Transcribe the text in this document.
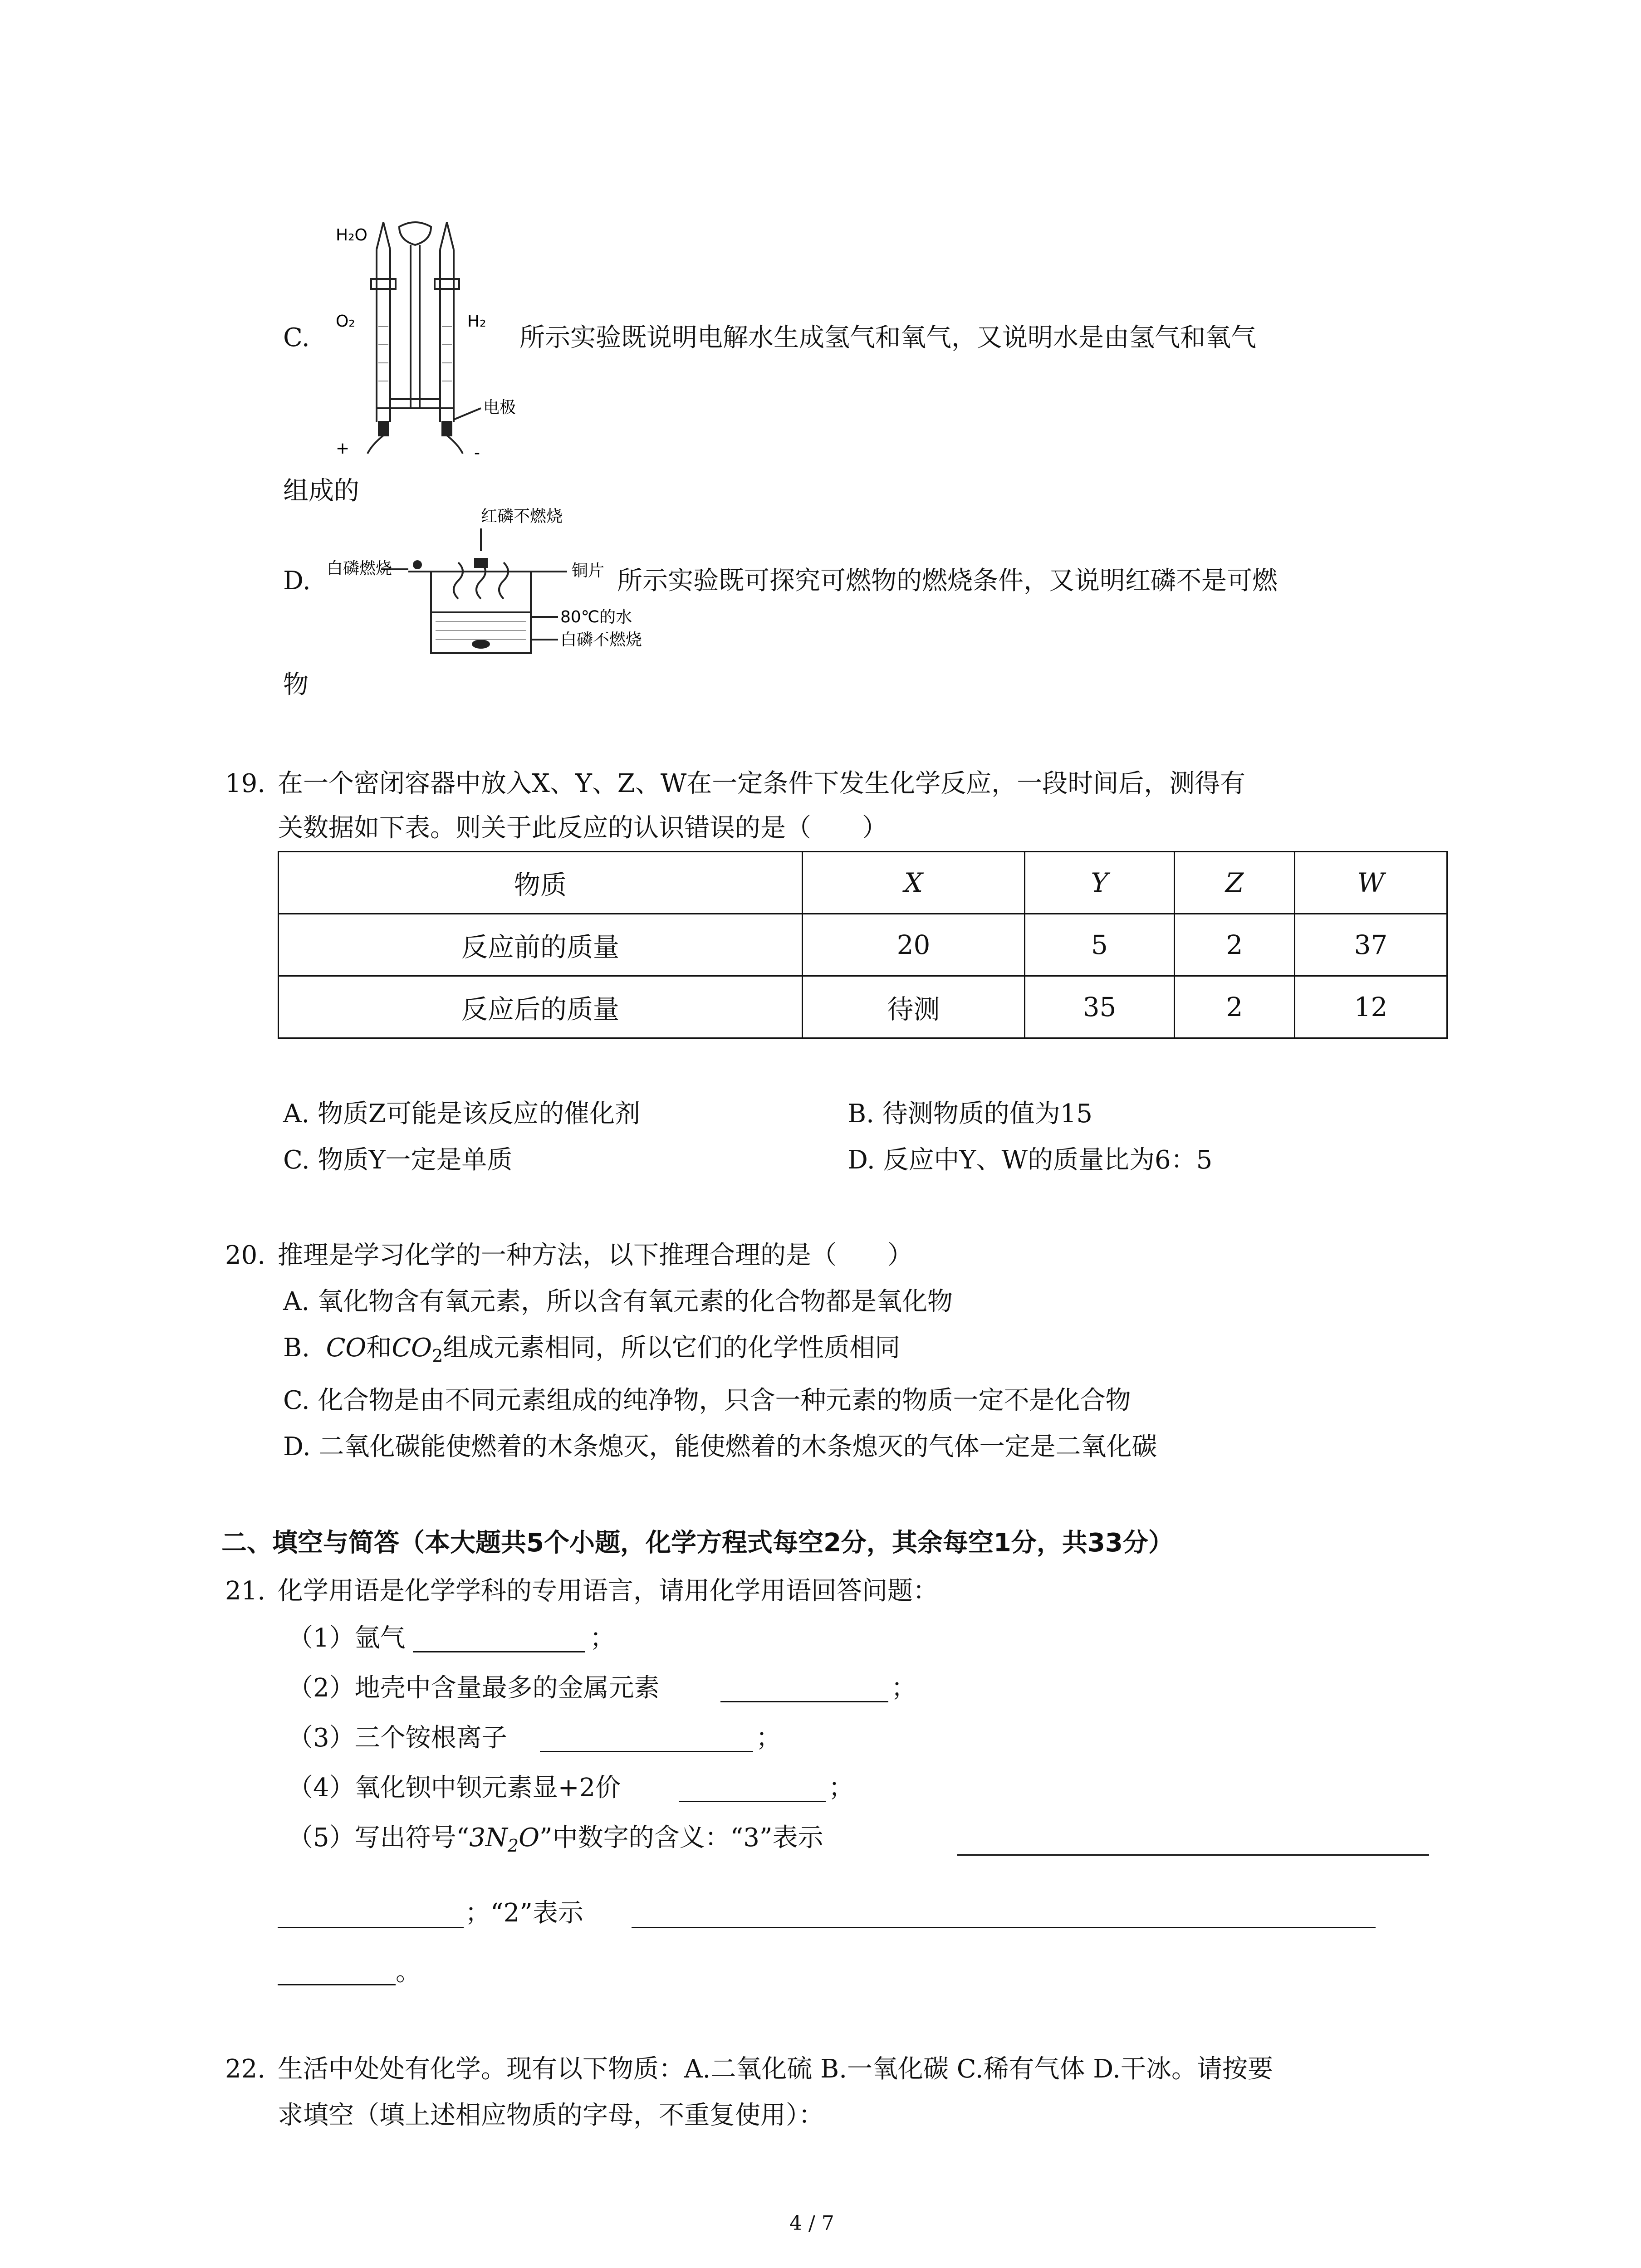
H₂O
O₂	H₂
电极
+	-
C.	所示实验既说明电解水生成氢气和氧气，又说明水是由氢气和氧气
组成的
红磷不燃烧
白磷燃烧	铜片
80℃的水
白磷不燃烧
D.	所示实验既可探究可燃物的燃烧条件，又说明红磷不是可燃
物
19. 在一个密闭容器中放入X、Y、Z、W在一定条件下发生化学反应，一段时间后，测得有
关数据如下表。则关于此反应的认识错误的是（　　）
物质	X	Y	Z	W
反应前的质量	20	5	2	37
反应后的质量	待测	35	2	12
A. 物质Z可能是该反应的催化剂	B. 待测物质的值为15
C. 物质Y一定是单质	D. 反应中Y、W的质量比为6：5
20. 推理是学习化学的一种方法，以下推理合理的是（　　）
A. 氧化物含有氧元素，所以含有氧元素的化合物都是氧化物
B. CO和$CO_2$组成元素相同，所以它们的化学性质相同
C. 化合物是由不同元素组成的纯净物，只含一种元素的物质一定不是化合物
D. 二氧化碳能使燃着的木条熄灭，能使燃着的木条熄灭的气体一定是二氧化碳
二、填空与简答（本大题共5个小题，化学方程式每空2分，其余每空1分，共33分）
21. 化学用语是化学学科的专用语言，请用化学用语回答问题：
（1）氩气	；
（2）地壳中含量最多的金属元素	；
（3）三个铵根离子	；
（4）氧化钡中钡元素显+2价	；
（5）写出符号“$3N_2O$”中数字的含义：“3”表示
；“2”表示
。
22. 生活中处处有化学。现有以下物质：A.二氧化硫 B.一氧化碳 C.稀有气体 D.干冰。请按要
求填空（填上述相应物质的字母，不重复使用）：
4 / 7
